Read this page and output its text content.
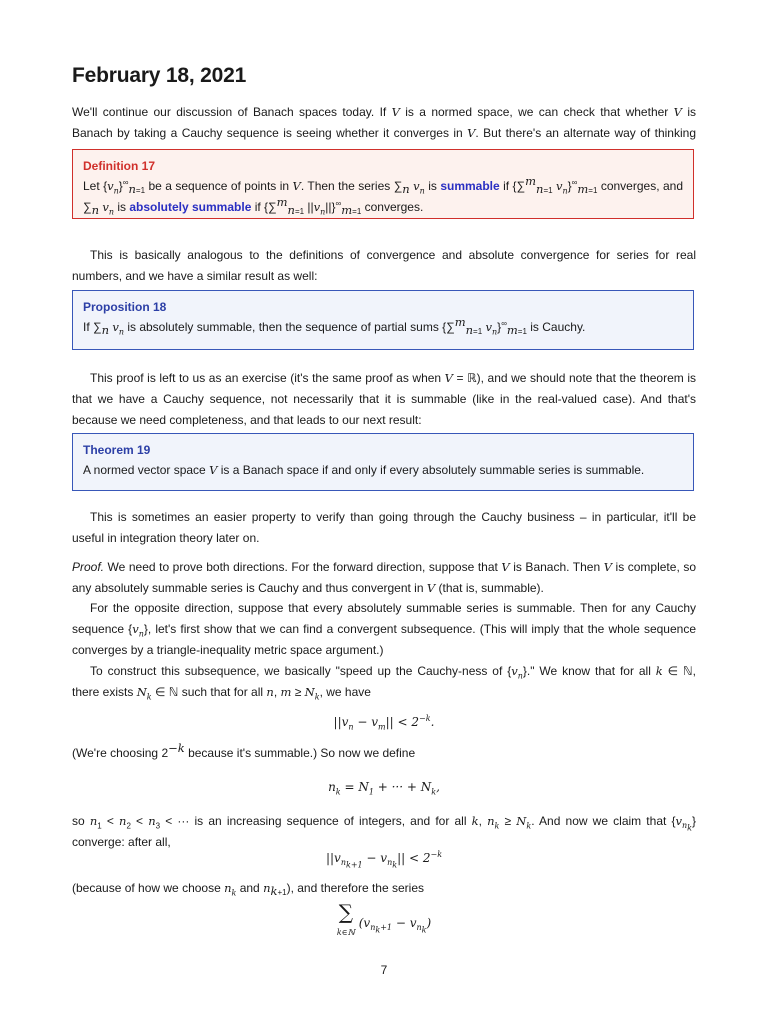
February 18, 2021

We'll continue our discussion of Banach spaces today. If V is a normed space, we can check that whether V is Banach by taking a Cauchy sequence is seeing whether it converges in V. But there's an alternate way of thinking

Definition 17

Let $\{v_n\}^\infty_{n=1}$ be a sequence of points in V. Then the series $\sum_n$ $v_n$ is summable if {∑$^m_{n=1}$ $v_n\}^\infty_{m=1}$ converges, and $\sum_n$ $v_n$ is absolutely summable if {∑$^m_{n=1}$ $||v_n||\}^\infty_{m=1}$ converges.

This is basically analogous to the definitions of convergence and absolute convergence for series for real numbers, and we have a similar result as well:

Proposition 18

If $\sum_n$ $v_n$ is absolutely summable, then the sequence of partial sums {∑$^m_{n=1}$ $v_n\}^\infty_{m=1}$ is Cauchy.

This proof is left to us as an exercise (it's the same proof as when V = ℝ), and we should note that the theorem is that we have a Cauchy sequence, not necessarily that it is summable (like in the real-valued case). And that's because we need completeness, and that leads to our next result:

Theorem 19

A normed vector space V is a Banach space if and only if every absolutely summable series is summable.

This is sometimes an easier property to verify than going through the Cauchy business – in particular, it'll be useful in integration theory later on.

Proof. We need to prove both directions. For the forward direction, suppose that V is Banach. Then V is complete, so any absolutely summable series is Cauchy and thus convergent in V (that is, summable).

For the opposite direction, suppose that every absolutely summable series is summable. Then for any Cauchy sequence $\{v_n\}$, let's first show that we can find a convergent subsequence. (This will imply that the whole sequence converges by a triangle-inequality metric space argument.)

To construct this subsequence, we basically "speed up the Cauchy-ness of $\{v_n\}$." We know that for all k ∈ ℕ, there exists $N_k$ ∈ ℕ such that for all n, $m \ge N_k$, we have

$||v_n - v_m|| < 2^{-k}$.

(We're choosing $2^{-k}$ because it's summable.) So now we define

$n_k = N_1$ + ··· + $N_k$,

so $n_1 < n_2 < n_3$ < ··· is an increasing sequence of integers, and for all k, $n_k \ge N_k$. And now we claim that $\{v_{n_k}\}$ converge: after all,

$||v_{n_{k+1}} - v_{n_k}|| < 2^{-k}$

(because of how we choose $n_k$ and $n_{k+1}$), and therefore the series

∑
k∈ℕ $(v_{n_k+1} - v_{n_k})$
7
